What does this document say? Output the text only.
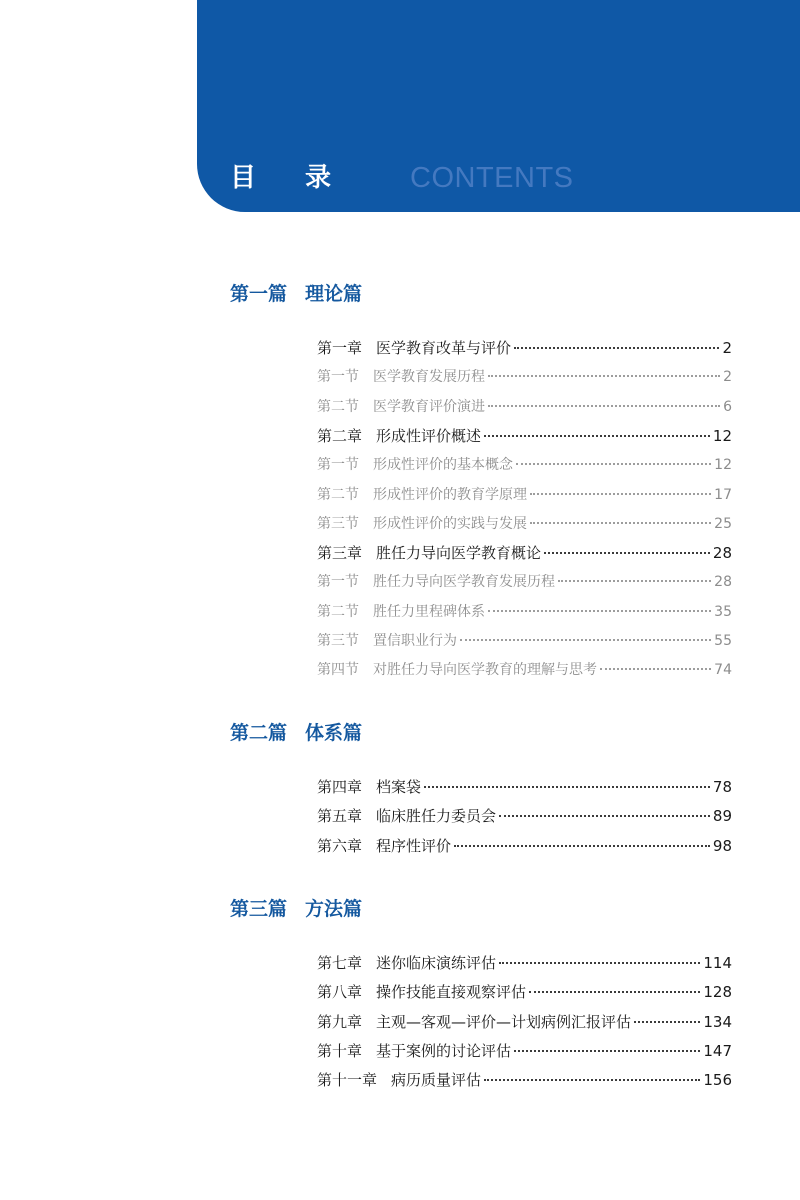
目 录 CONTENTS
第一篇 理论篇
第一章 医学教育改革与评价	2
第一节 医学教育发展历程	2
第二节 医学教育评价演进	6
第二章 形成性评价概述	12
第一节 形成性评价的基本概念	12
第二节 形成性评价的教育学原理	17
第三节 形成性评价的实践与发展	25
第三章 胜任力导向医学教育概论	28
第一节 胜任力导向医学教育发展历程	28
第二节 胜任力里程碑体系	35
第三节 置信职业行为	55
第四节 对胜任力导向医学教育的理解与思考	74
第二篇 体系篇
第四章 档案袋	78
第五章 临床胜任力委员会	89
第六章 程序性评价	98
第三篇 方法篇
第七章 迷你临床演练评估	114
第八章 操作技能直接观察评估	128
第九章 主观—客观—评价—计划病例汇报评估	134
第十章 基于案例的讨论评估	147
第十一章 病历质量评估	156
